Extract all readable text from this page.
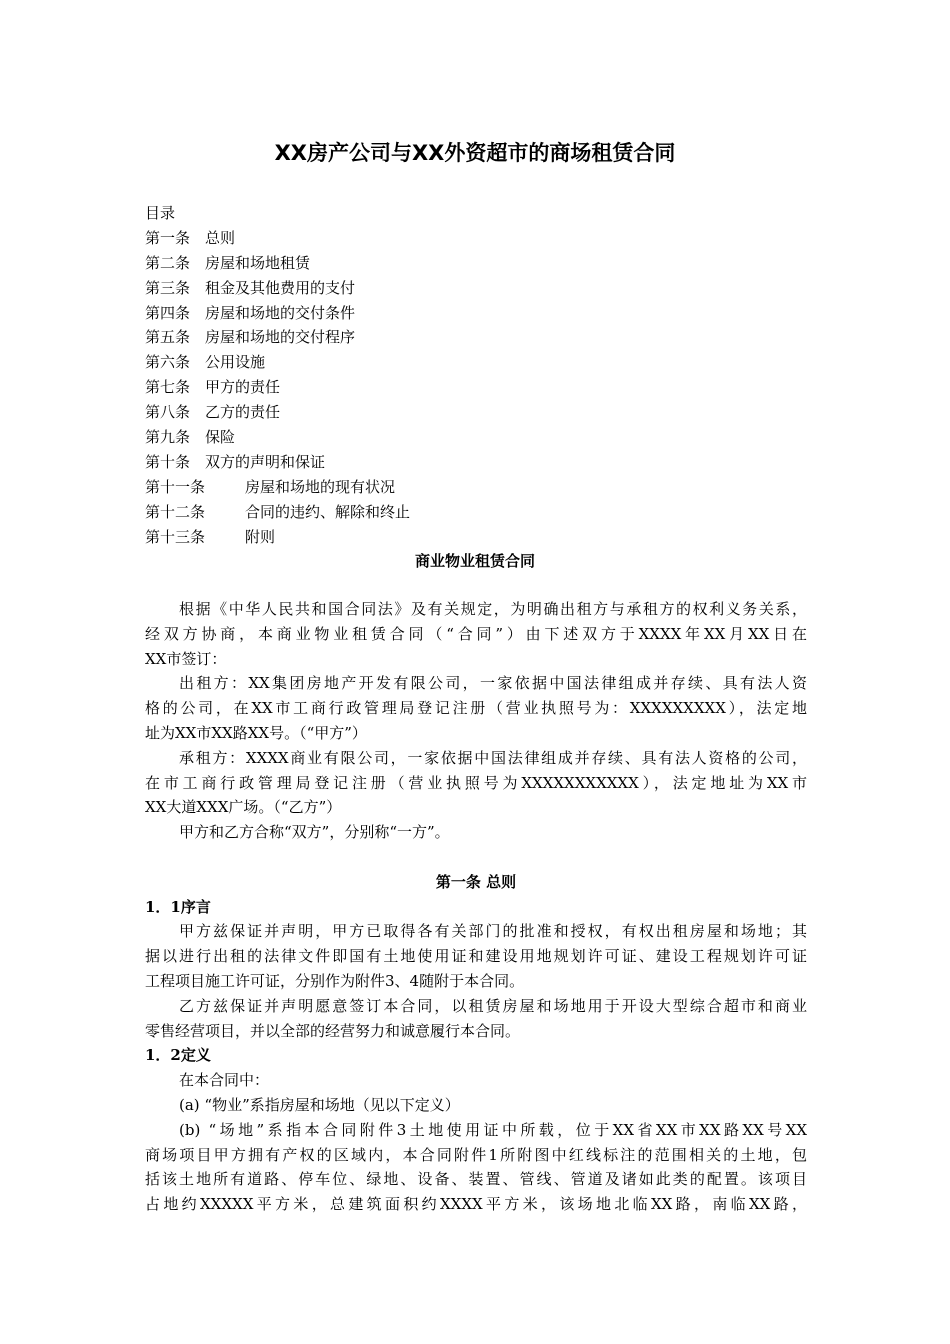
XX房产公司与XX外资超市的商场租赁合同
目录
第一条 总则
第二条 房屋和场地租赁
第三条 租金及其他费用的支付
第四条 房屋和场地的交付条件
第五条 房屋和场地的交付程序
第六条 公用设施
第七条 甲方的责任
第八条 乙方的责任
第九条 保险
第十条 双方的声明和保证
第十一条	房屋和场地的现有状况
第十二条	合同的违约、解除和终止
第十三条	附则
商业物业租赁合同
根据《中华人民共和国合同法》及有关规定，为明确出租方与承租方的权利义务关系，
经双方协商，本商业物业租赁合同（“合同”）由下述双方于XXXX年XX月XX日在
XX市签订：
出租方：XX集团房地产开发有限公司，一家依据中国法律组成并存续、具有法人资
格的公司，在XX市工商行政管理局登记注册（营业执照号为：XXXXXXXXX），法定地
址为XX市XX路XX号。（“甲方”）
承租方：XXXX商业有限公司，一家依据中国法律组成并存续、具有法人资格的公司，
在市工商行政管理局登记注册（营业执照号为XXXXXXXXXXX），法定地址为XX市
XX大道XXX广场。（“乙方”）
甲方和乙方合称“双方”，分别称“一方”。
第一条 总则
1．1序言
甲方兹保证并声明，甲方已取得各有关部门的批准和授权，有权出租房屋和场地；其
据以进行出租的法律文件即国有土地使用证和建设用地规划许可证、建设工程规划许可证
工程项目施工许可证，分别作为附件3、4随附于本合同。
乙方兹保证并声明愿意签订本合同，以租赁房屋和场地用于开设大型综合超市和商业
零售经营项目，并以全部的经营努力和诚意履行本合同。
1．2定义
在本合同中：
(a) “物业”系指房屋和场地（见以下定义）
(b) “场地”系指本合同附件3土地使用证中所载，位于XX省XX市XX路XX号XX
商场项目甲方拥有产权的区域内，本合同附件1所附图中红线标注的范围相关的土地，包
括该土地所有道路、停车位、绿地、设备、装置、管线、管道及诸如此类的配置。该项目
占地约XXXXX平方米，总建筑面积约XXXX平方米，该场地北临XX路，南临XX路，
